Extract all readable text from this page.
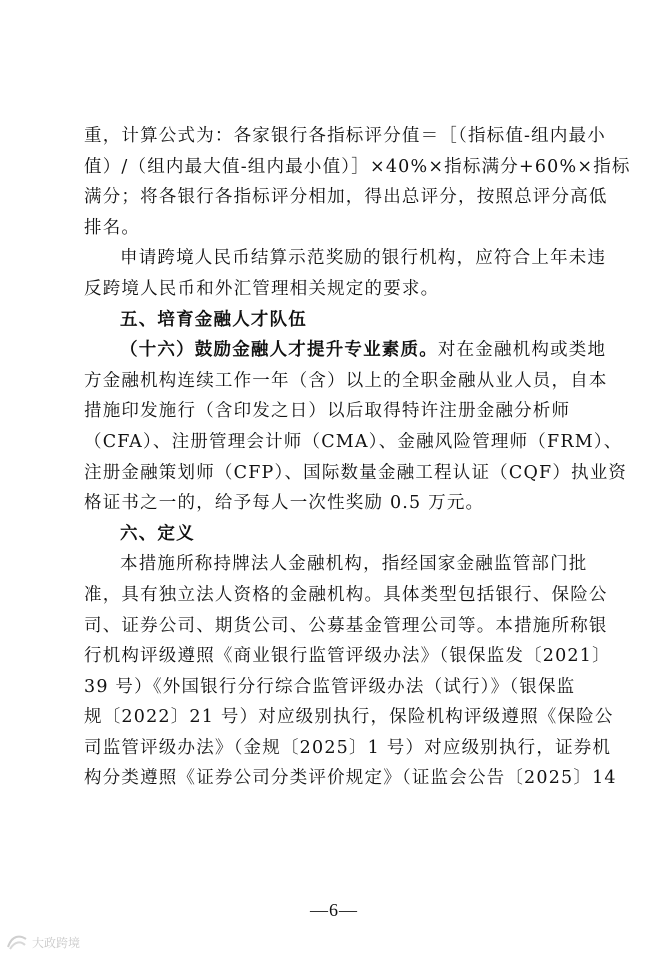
重，计算公式为：各家银行各指标评分值＝［（指标值-组内最小
值）/（组内最大值-组内最小值）］×40%×指标满分+60%×指标
满分；将各银行各指标评分相加，得出总评分，按照总评分高低
排名。
申请跨境人民币结算示范奖励的银行机构，应符合上年未违
反跨境人民币和外汇管理相关规定的要求。
五、培育金融人才队伍
（十六）鼓励金融人才提升专业素质。对在金融机构或类地
方金融机构连续工作一年（含）以上的全职金融从业人员，自本
措施印发施行（含印发之日）以后取得特许注册金融分析师
（CFA）、注册管理会计师（CMA）、金融风险管理师（FRM）、
注册金融策划师（CFP）、国际数量金融工程认证（CQF）执业资
格证书之一的，给予每人一次性奖励 0.5 万元。
六、定义
本措施所称持牌法人金融机构，指经国家金融监管部门批
准，具有独立法人资格的金融机构。具体类型包括银行、保险公
司、证券公司、期货公司、公募基金管理公司等。本措施所称银
行机构评级遵照《商业银行监管评级办法》（银保监发〔2021〕
39 号）《外国银行分行综合监管评级办法（试行）》（银保监
规〔2022〕21 号）对应级别执行，保险机构评级遵照《保险公
司监管评级办法》（金规〔2025〕1 号）对应级别执行，证券机
构分类遵照《证券公司分类评价规定》（证监会公告〔2025〕14
—6—
大政跨境
